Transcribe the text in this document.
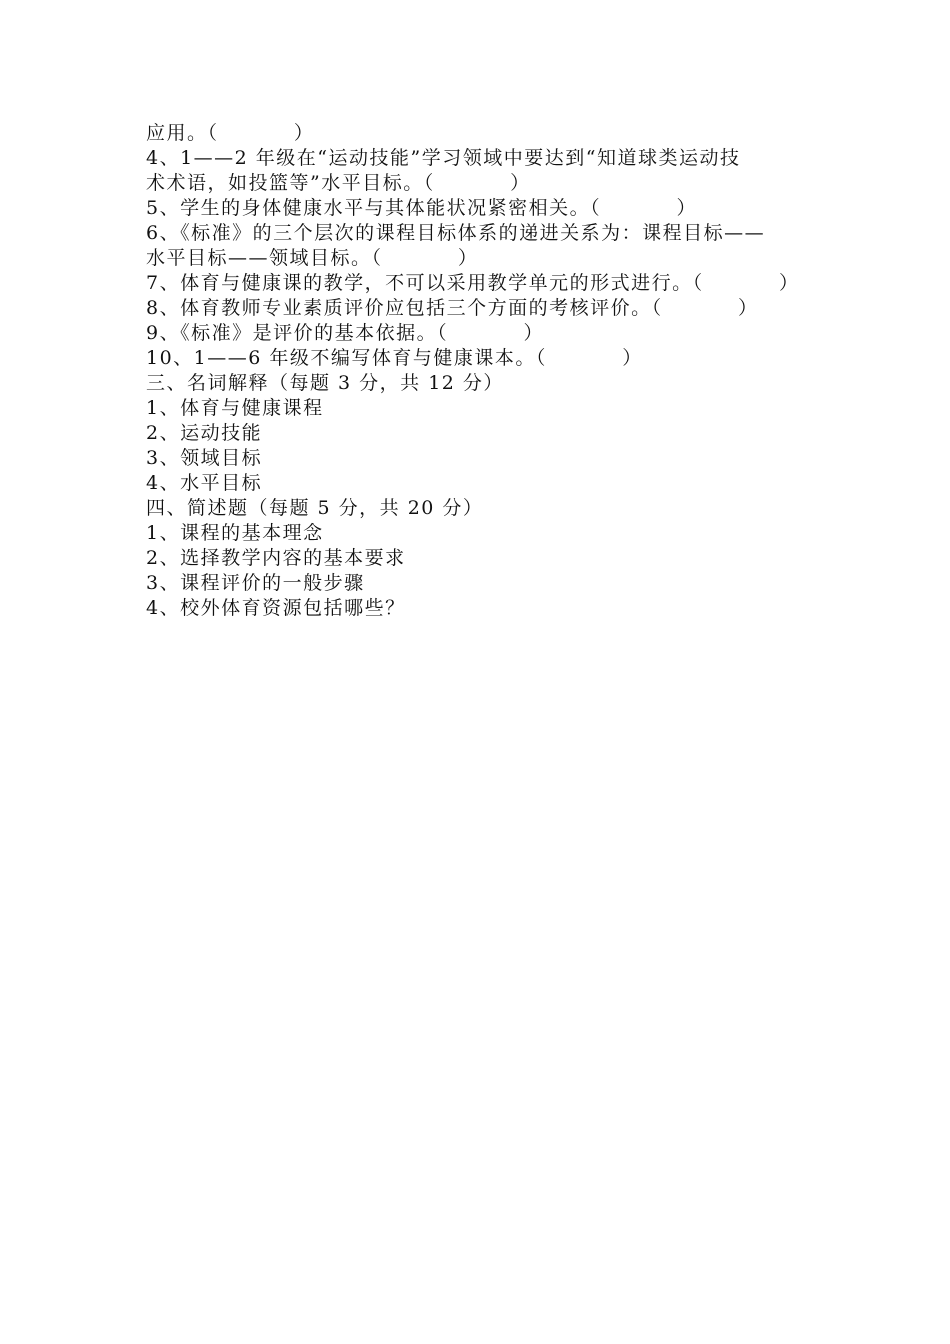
应用。（          ）
4、1——2 年级在“运动技能”学习领域中要达到“知道球类运动技
术术语，如投篮等”水平目标。（          ）
5、学生的身体健康水平与其体能状况紧密相关。（          ）
6、《标准》的三个层次的课程目标体系的递进关系为：课程目标——
水平目标——领域目标。（          ）
7、体育与健康课的教学，不可以采用教学单元的形式进行。（          ）
8、体育教师专业素质评价应包括三个方面的考核评价。（          ）
9、《标准》是评价的基本依据。（          ）
10、1——6 年级不编写体育与健康课本。（          ）
三、名词解释（每题 3 分，共 12 分）
1、体育与健康课程
2、运动技能
3、领域目标
4、水平目标
四、简述题（每题 5 分，共 20 分）
1、课程的基本理念
2、选择教学内容的基本要求
3、课程评价的一般步骤
4、校外体育资源包括哪些？
